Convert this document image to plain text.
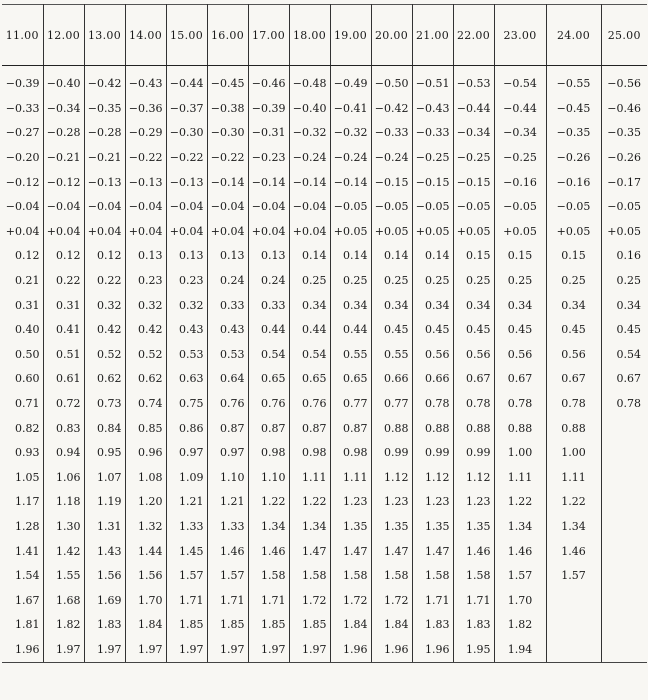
11.00	12.00	13.00	14.00	15.00	16.00	17.00	18.00	19.00	20.00	21.00	22.00	23.00	24.00	25.00
−0.39	−0.40	−0.42	−0.43	−0.44	−0.45	−0.46	−0.48	−0.49	−0.50	−0.51	−0.53	−0.54	−0.55	−0.56
−0.33	−0.34	−0.35	−0.36	−0.37	−0.38	−0.39	−0.40	−0.41	−0.42	−0.43	−0.44	−0.44	−0.45	−0.46
−0.27	−0.28	−0.28	−0.29	−0.30	−0.30	−0.31	−0.32	−0.32	−0.33	−0.33	−0.34	−0.34	−0.35	−0.35
−0.20	−0.21	−0.21	−0.22	−0.22	−0.22	−0.23	−0.24	−0.24	−0.24	−0.25	−0.25	−0.25	−0.26	−0.26
−0.12	−0.12	−0.13	−0.13	−0.13	−0.14	−0.14	−0.14	−0.14	−0.15	−0.15	−0.15	−0.16	−0.16	−0.17
−0.04	−0.04	−0.04	−0.04	−0.04	−0.04	−0.04	−0.04	−0.05	−0.05	−0.05	−0.05	−0.05	−0.05	−0.05
+0.04	+0.04	+0.04	+0.04	+0.04	+0.04	+0.04	+0.04	+0.05	+0.05	+0.05	+0.05	+0.05	+0.05	+0.05
0.12	0.12	0.12	0.13	0.13	0.13	0.13	0.14	0.14	0.14	0.14	0.15	0.15	0.15	0.16
0.21	0.22	0.22	0.23	0.23	0.24	0.24	0.25	0.25	0.25	0.25	0.25	0.25	0.25	0.25
0.31	0.31	0.32	0.32	0.32	0.33	0.33	0.34	0.34	0.34	0.34	0.34	0.34	0.34	0.34
0.40	0.41	0.42	0.42	0.43	0.43	0.44	0.44	0.44	0.45	0.45	0.45	0.45	0.45	0.45
0.50	0.51	0.52	0.52	0.53	0.53	0.54	0.54	0.55	0.55	0.56	0.56	0.56	0.56	0.54
0.60	0.61	0.62	0.62	0.63	0.64	0.65	0.65	0.65	0.66	0.66	0.67	0.67	0.67	0.67
0.71	0.72	0.73	0.74	0.75	0.76	0.76	0.76	0.77	0.77	0.78	0.78	0.78	0.78	0.78
0.82	0.83	0.84	0.85	0.86	0.87	0.87	0.87	0.87	0.88	0.88	0.88	0.88	0.88	
0.93	0.94	0.95	0.96	0.97	0.97	0.98	0.98	0.98	0.99	0.99	0.99	1.00	1.00	
1.05	1.06	1.07	1.08	1.09	1.10	1.10	1.11	1.11	1.12	1.12	1.12	1.11	1.11	
1.17	1.18	1.19	1.20	1.21	1.21	1.22	1.22	1.23	1.23	1.23	1.23	1.22	1.22	
1.28	1.30	1.31	1.32	1.33	1.33	1.34	1.34	1.35	1.35	1.35	1.35	1.34	1.34	
1.41	1.42	1.43	1.44	1.45	1.46	1.46	1.47	1.47	1.47	1.47	1.46	1.46	1.46	
1.54	1.55	1.56	1.56	1.57	1.57	1.58	1.58	1.58	1.58	1.58	1.58	1.57	1.57	
1.67	1.68	1.69	1.70	1.71	1.71	1.71	1.72	1.72	1.72	1.71	1.71	1.70		
1.81	1.82	1.83	1.84	1.85	1.85	1.85	1.85	1.84	1.84	1.83	1.83	1.82		
1.96	1.97	1.97	1.97	1.97	1.97	1.97	1.97	1.96	1.96	1.96	1.95	1.94		
